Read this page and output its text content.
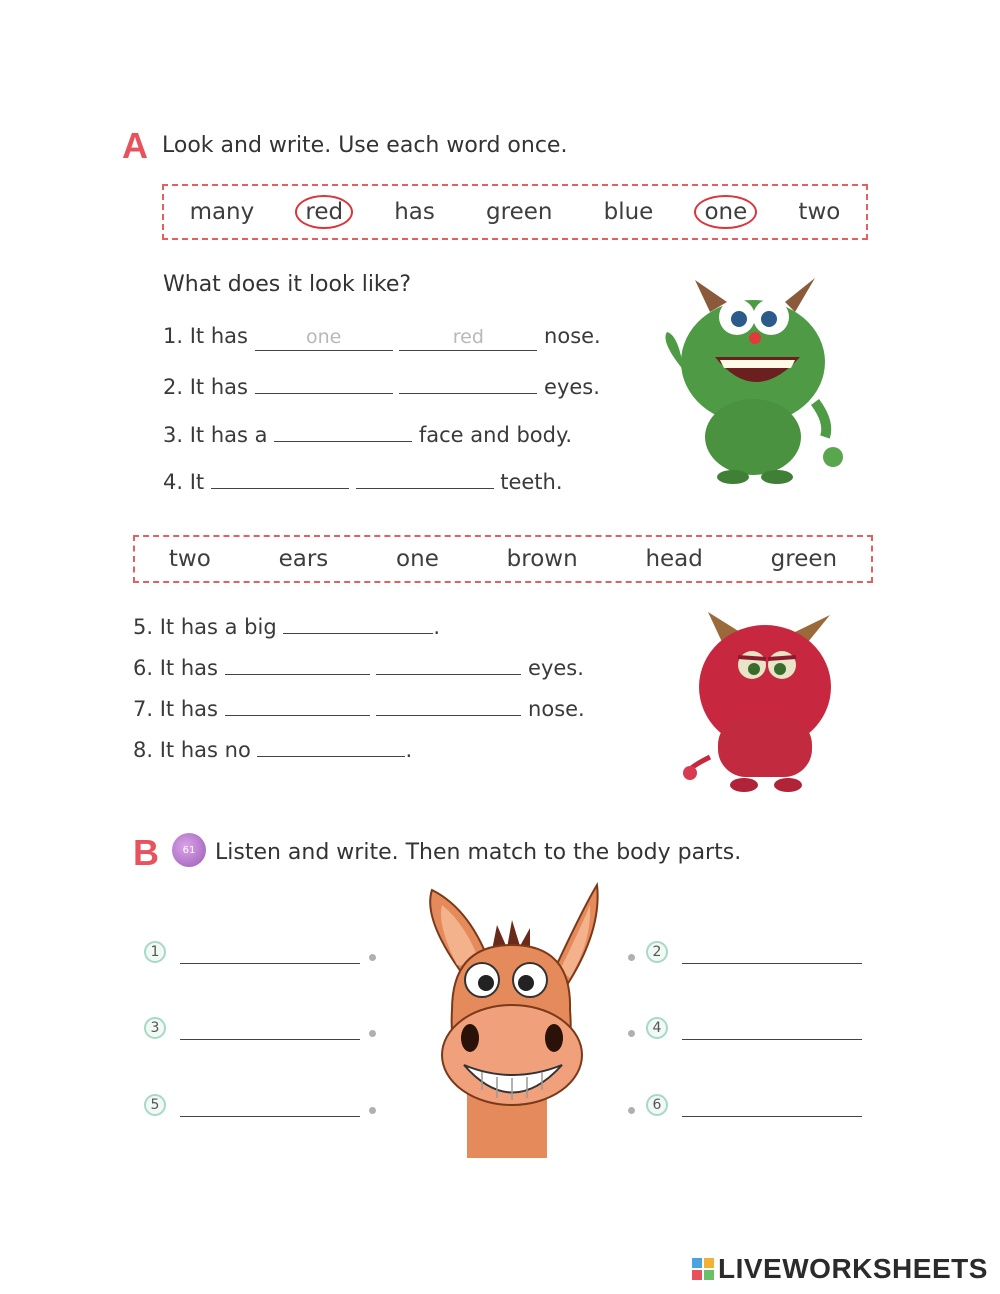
A Look and write. Use each word once.
many	red	has	green	blue	one	two
What does it look like?
1. It has	one	red	nose.
2. It has	eyes.
3. It has a	face and body.
4. It	teeth.
two	ears	one	brown	head	green
5. It has a big	.
6. It has	eyes.
7. It has	nose.
8. It has no	.
B	61 Listen and write. Then match to the body parts.
1
3
5
2
4
6
LIVEWORKSHEETS
